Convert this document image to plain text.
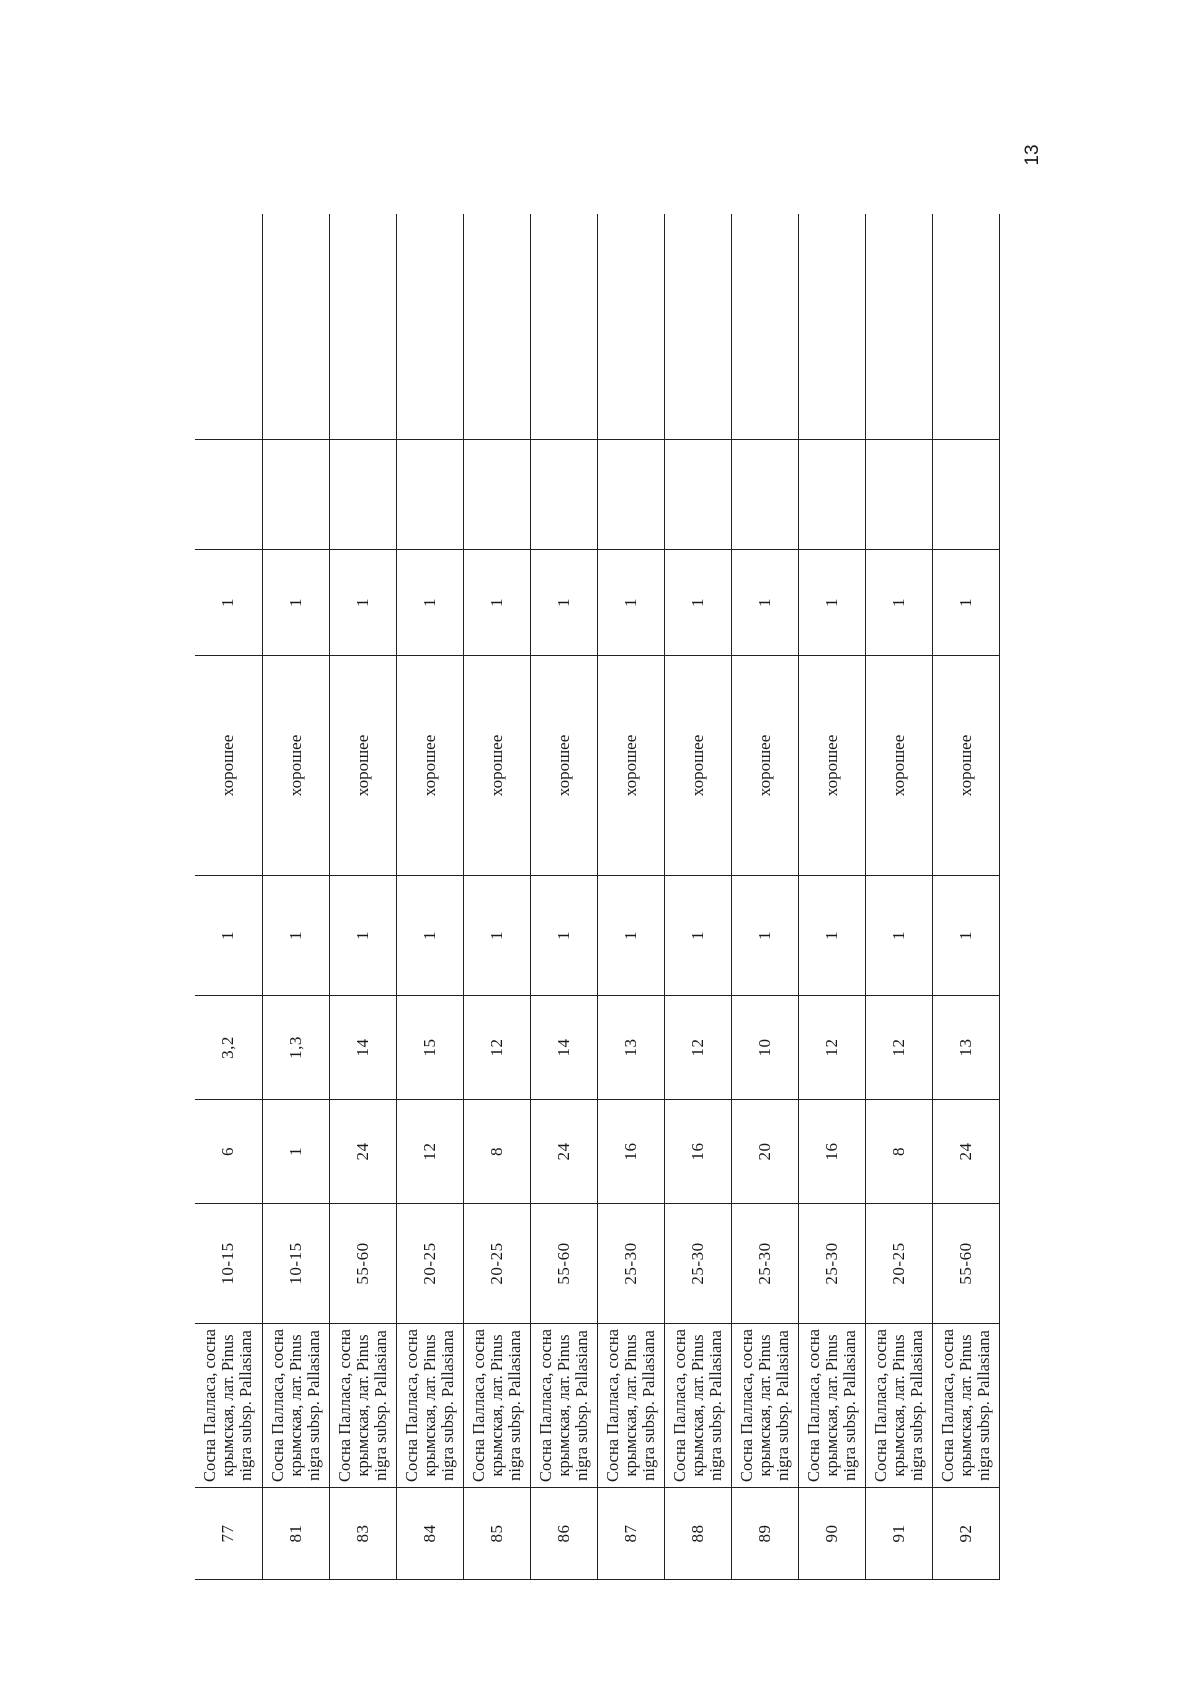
13
77	Сосна Палласа, сосна крымская, лат. Pinus nigra subsp. Pallasiana	10-15	6	3,2	1	хорошее	1		
81	Сосна Палласа, сосна крымская, лат. Pinus nigra subsp. Pallasiana	10-15	1	1,3	1	хорошее	1		
83	Сосна Палласа, сосна крымская, лат. Pinus nigra subsp. Pallasiana	55-60	24	14	1	хорошее	1		
84	Сосна Палласа, сосна крымская, лат. Pinus nigra subsp. Pallasiana	20-25	12	15	1	хорошее	1		
85	Сосна Палласа, сосна крымская, лат. Pinus nigra subsp. Pallasiana	20-25	8	12	1	хорошее	1		
86	Сосна Палласа, сосна крымская, лат. Pinus nigra subsp. Pallasiana	55-60	24	14	1	хорошее	1		
87	Сосна Палласа, сосна крымская, лат. Pinus nigra subsp. Pallasiana	25-30	16	13	1	хорошее	1		
88	Сосна Палласа, сосна крымская, лат. Pinus nigra subsp. Pallasiana	25-30	16	12	1	хорошее	1		
89	Сосна Палласа, сосна крымская, лат. Pinus nigra subsp. Pallasiana	25-30	20	10	1	хорошее	1		
90	Сосна Палласа, сосна крымская, лат. Pinus nigra subsp. Pallasiana	25-30	16	12	1	хорошее	1		
91	Сосна Палласа, сосна крымская, лат. Pinus nigra subsp. Pallasiana	20-25	8	12	1	хорошее	1		
92	Сосна Палласа, сосна крымская, лат. Pinus nigra subsp. Pallasiana	55-60	24	13	1	хорошее	1		
